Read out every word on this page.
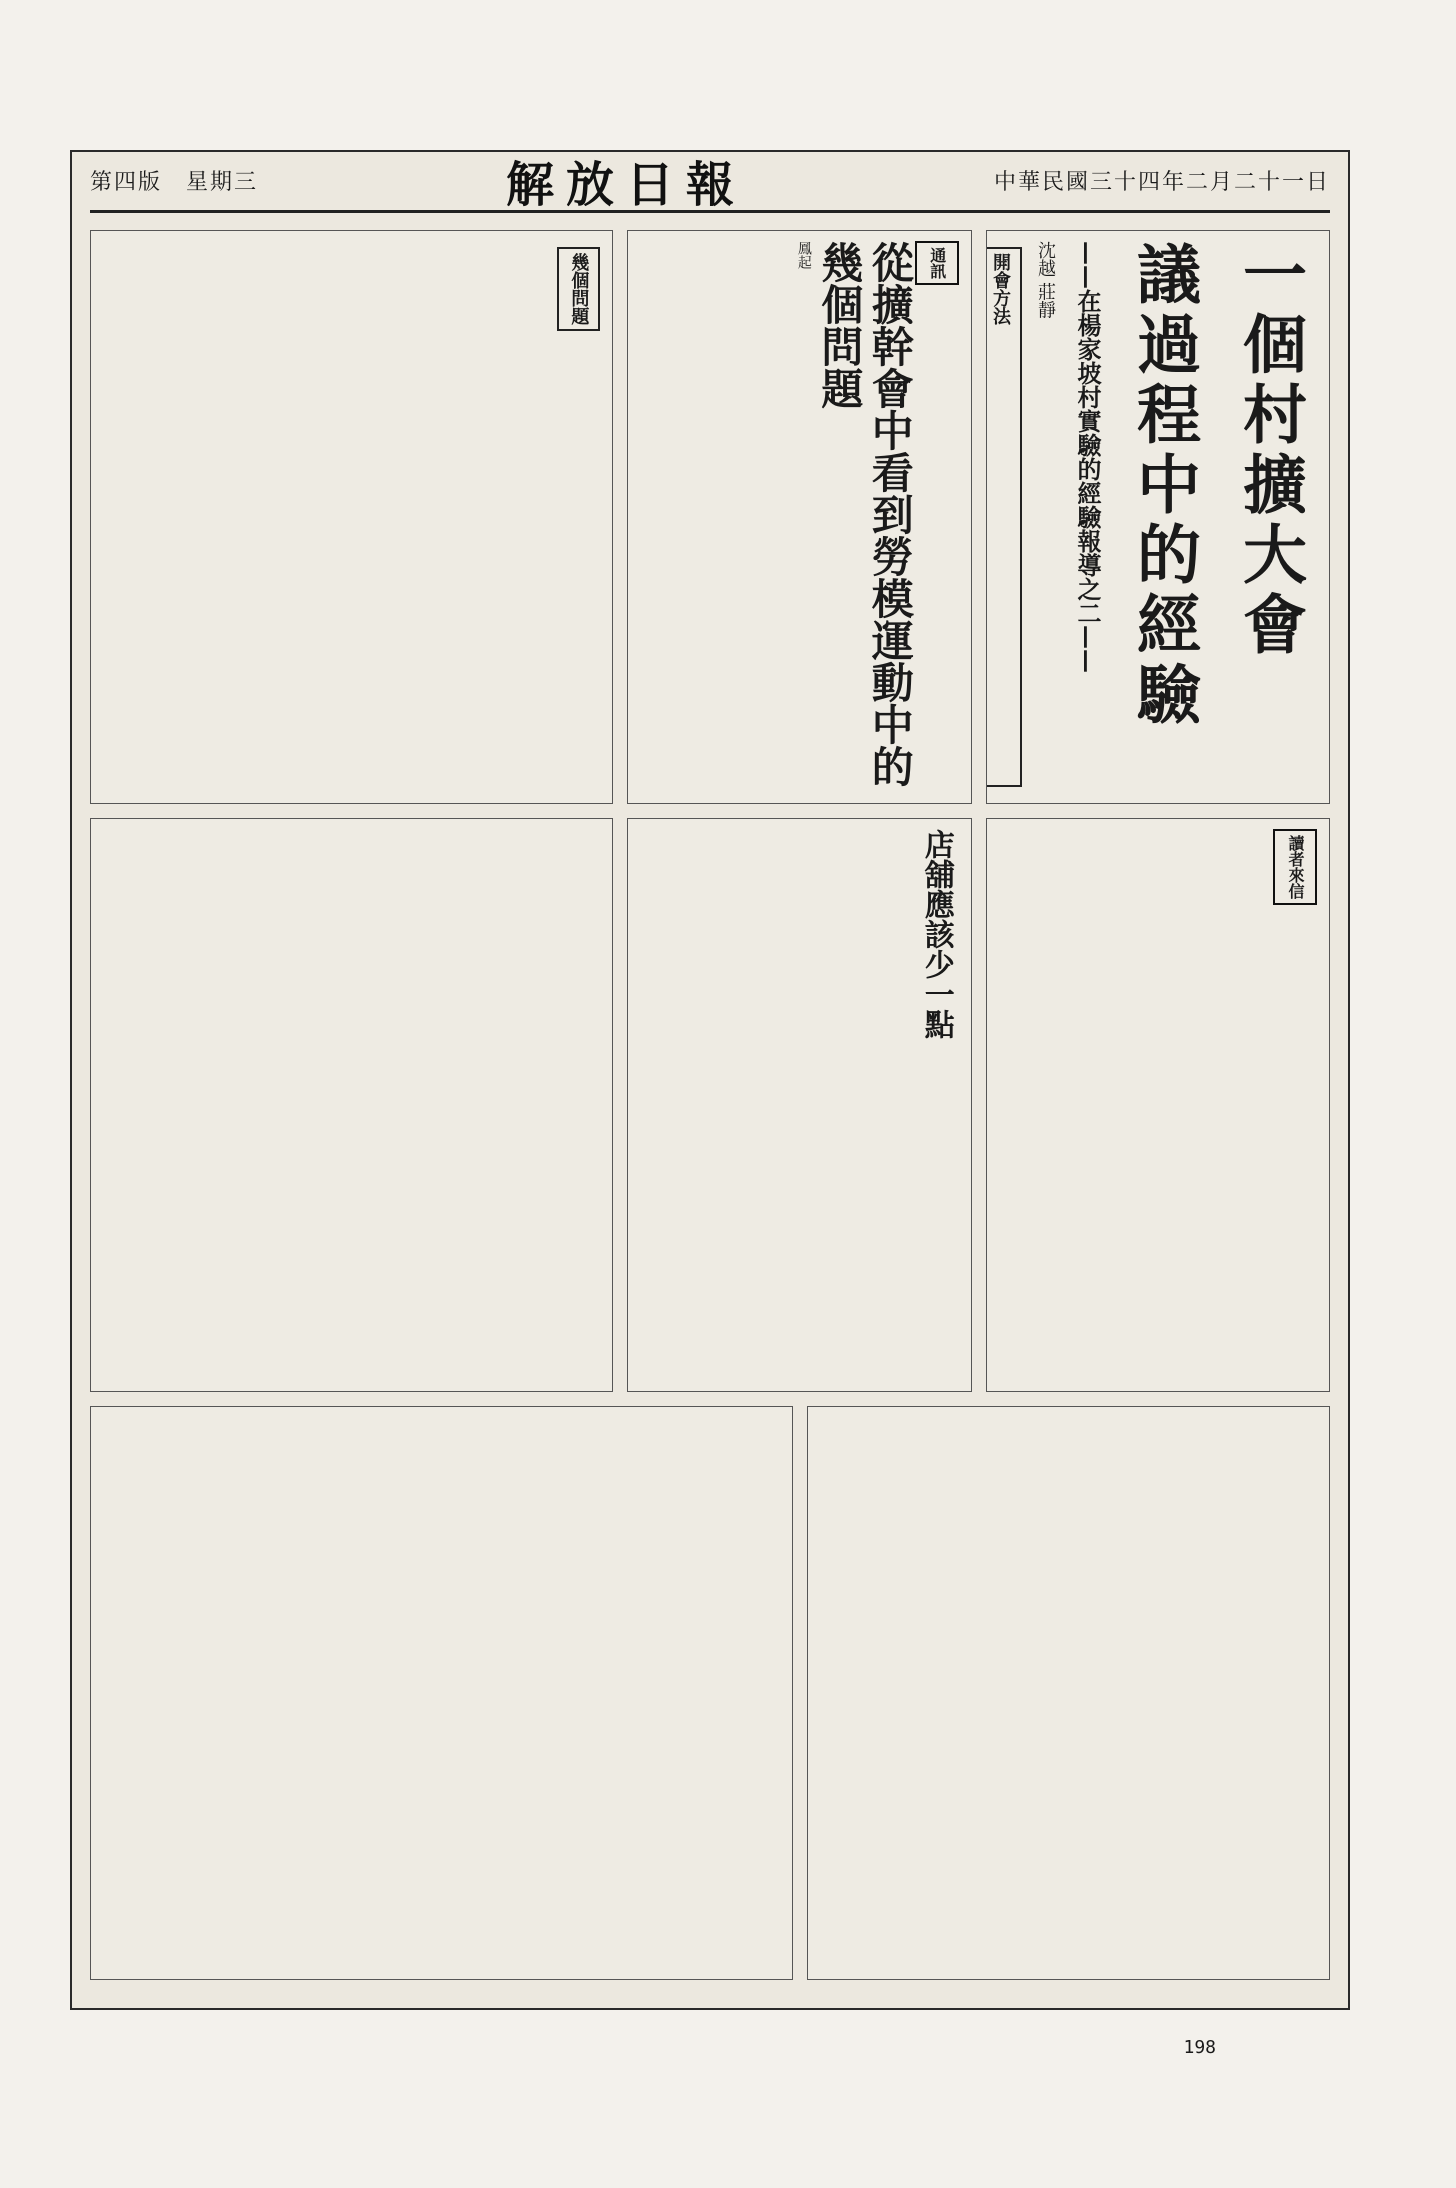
第四版 星期三	解放日報	中華民國三十四年二月二十一日
一個村擴大會
議過程中的經驗
——在楊家坡村實驗的經驗報導之二——
沈越 莊靜
開會方法
通訊
從擴幹會中看到勞模運動中的幾個問題
鳳起
幾個問題
讀者來信
店舖應該少一點
198
